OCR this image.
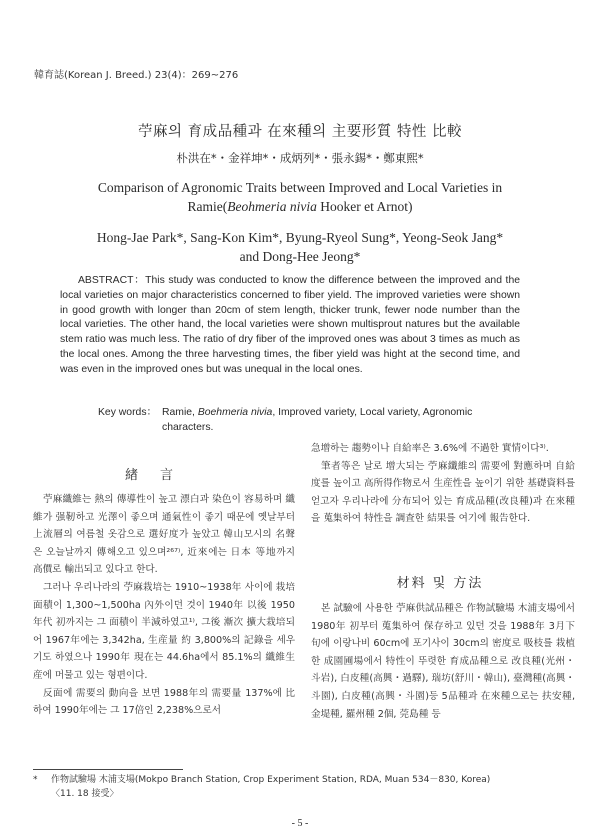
韓育誌(Korean J. Breed.) 23(4)：269~276
苧麻의 育成品種과 在來種의 主要形質 特性 比較
朴洪在*・金祥坤*・成炳列*・張永錫*・鄭東熙*
Comparison of Agronomic Traits between Improved and Local Varieties in
Ramie(Beohmeria nivia Hooker et Arnot)
Hong-Jae Park*, Sang-Kon Kim*, Byung-Ryeol Sung*, Yeong-Seok Jang*
and Dong-Hee Jeong*
ABSTRACT：This study was conducted to know the difference between the improved and the local varieties on major characteristics concerned to fiber yield. The improved varieties were shown in good growth with longer than 20cm of stem length, thicker trunk, fewer node number than the local varieties. The other hand, the local varieties were shown multisprout natures but the available stem ratio was much less. The ratio of dry fiber of the improved ones was about 3 times as much as the local ones. Among the three harvesting times, the fiber yield was hight at the second time, and was even in the improved ones but was unequal in the local ones.
Key words： Ramie, Boehmeria nivia, Improved variety, Local variety, Agronomic characters.
緖言

苧麻纖維는 熱의 傳導性이 높고 漂白과 染色이 容易하며 纖維가 强靭하고 光澤이 좋으며 通氣性이 좋기 때문에 옛날부터 上流層의 여름철 옷감으로 選好度가 높았고 韓山모시의 名聲은 오늘날까지 傳해오고 있으며²⁶⁷⁾, 近來에는 日本 等地까지 高價로 輸出되고 있다고 한다.

그러나 우리나라의 苧麻栽培는 1910~1938年 사이에 栽培面積이 1,300~1,500ha 內外이던 것이 1940年 以後 1950年代 初까지는 그 面積이 半減하였고¹⁾, 그後 漸次 擴大栽培되어 1967年에는 3,342ha, 生産量 約 3,800%의 記錄을 세우기도 하였으나 1990年 現在는 44.6ha에서 85.1%의 纖維生産에 머물고 있는 형편이다.

反面에 需要의 動向을 보면 1988年의 需要量 137%에 比하여 1990年에는 그 17倍인 2,238%으로서

急增하는 趨勢이나 自給率은 3.6%에 不過한 實情이다³⁾.

筆者等은 날로 增大되는 苧麻纖維의 需要에 對應하며 自給度를 높이고 高所得作物로서 生産性을 높이기 위한 基礎資料를 얻고자 우리나라에 分布되어 있는 育成品種(改良種)과 在來種을 蒐集하여 特性을 調査한 結果를 여기에 報告한다.

材料 및 方法

본 試驗에 사용한 苧麻供試品種은 作物試驗場 木浦支場에서 1980年 初부터 蒐集하여 保存하고 있던 것을 1988年 3月下旬에 이랑나비 60cm에 포기사이 30cm의 密度로 吸枝를 栽植한 成園圃場에서 特性이 뚜렷한 育成品種으로 改良種(光州・斗岩), 白皮種(高興・過驛), 瑞坊(舒川・韓山), 臺灣種(高興・斗園), 白皮種(高興・斗園)등 5品種과 在來種으로는 扶安種, 金堤種, 羅州種 2個, 莞島種 등

* 作物試驗場 木浦支場(Mokpo Branch Station, Crop Experiment Station, RDA, Muan 534－830, Korea)
〈11. 18 接受〉
- 5 -
